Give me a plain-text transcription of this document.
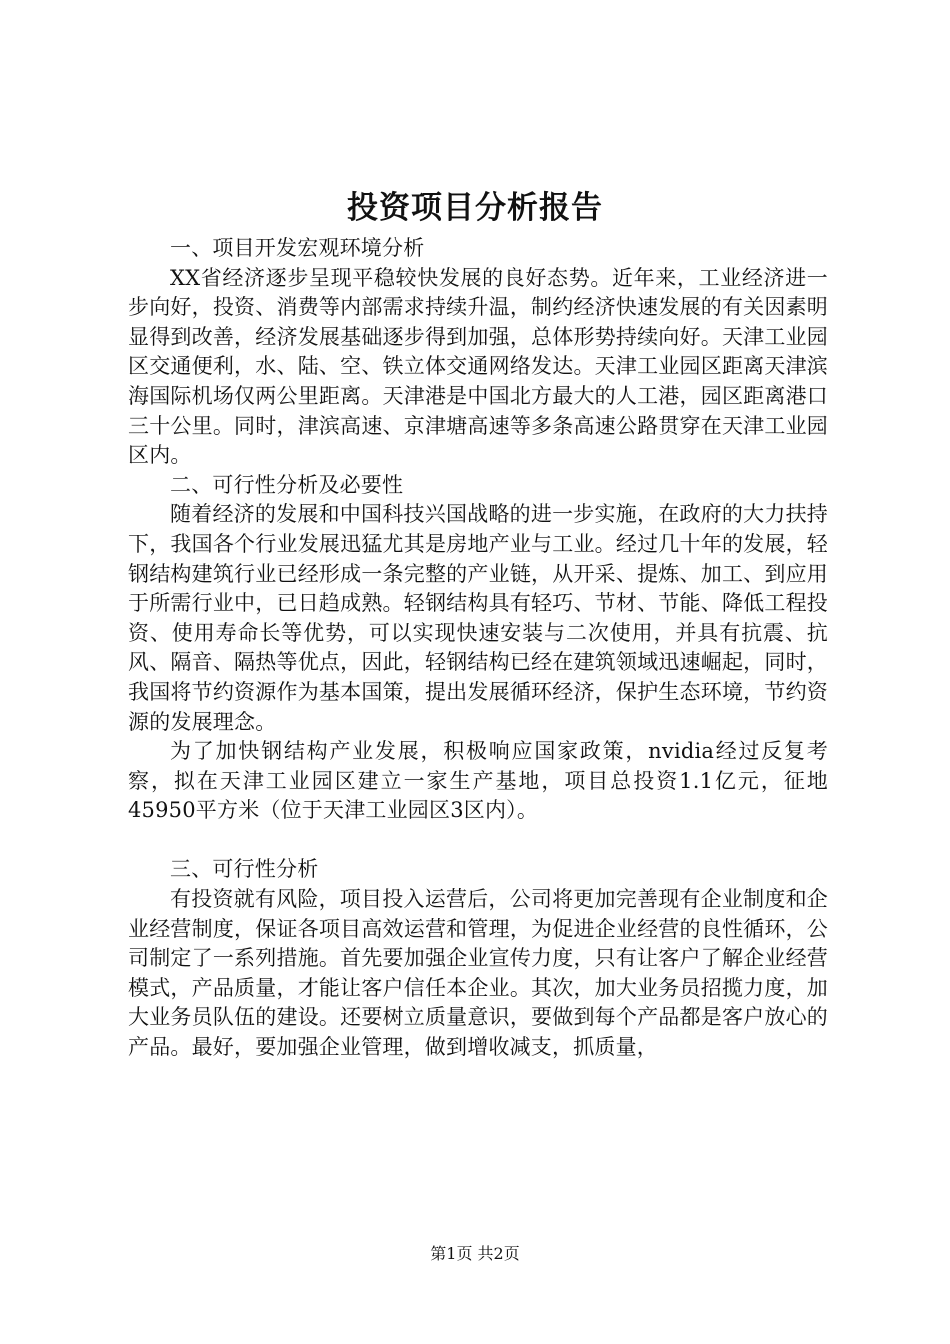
投资项目分析报告

一、项目开发宏观环境分析

XX省经济逐步呈现平稳较快发展的良好态势。近年来，工业经济进一步向好，投资、消费等内部需求持续升温，制约经济快速发展的有关因素明显得到改善，经济发展基础逐步得到加强，总体形势持续向好。天津工业园区交通便利，水、陆、空、铁立体交通网络发达。天津工业园区距离天津滨海国际机场仅两公里距离。天津港是中国北方最大的人工港，园区距离港口三十公里。同时，津滨高速、京津塘高速等多条高速公路贯穿在天津工业园区内。

二、可行性分析及必要性

随着经济的发展和中国科技兴国战略的进一步实施，在政府的大力扶持下，我国各个行业发展迅猛尤其是房地产业与工业。经过几十年的发展，轻钢结构建筑行业已经形成一条完整的产业链，从开采、提炼、加工、到应用于所需行业中，已日趋成熟。轻钢结构具有轻巧、节材、节能、降低工程投资、使用寿命长等优势，可以实现快速安装与二次使用，并具有抗震、抗风、隔音、隔热等优点，因此，轻钢结构已经在建筑领域迅速崛起，同时，我国将节约资源作为基本国策，提出发展循环经济，保护生态环境，节约资源的发展理念。

为了加快钢结构产业发展，积极响应国家政策，nvidia经过反复考察，拟在天津工业园区建立一家生产基地，项目总投资1.1亿元，征地45950平方米（位于天津工业园区3区内）。

三、可行性分析

有投资就有风险，项目投入运营后，公司将更加完善现有企业制度和企业经营制度，保证各项目高效运营和管理，为促进企业经营的良性循环，公司制定了一系列措施。首先要加强企业宣传力度，只有让客户了解企业经营模式，产品质量，才能让客户信任本企业。其次，加大业务员招揽力度，加大业务员队伍的建设。还要树立质量意识，要做到每个产品都是客户放心的产品。最好，要加强企业管理，做到增收减支，抓质量，

第1页 共2页
